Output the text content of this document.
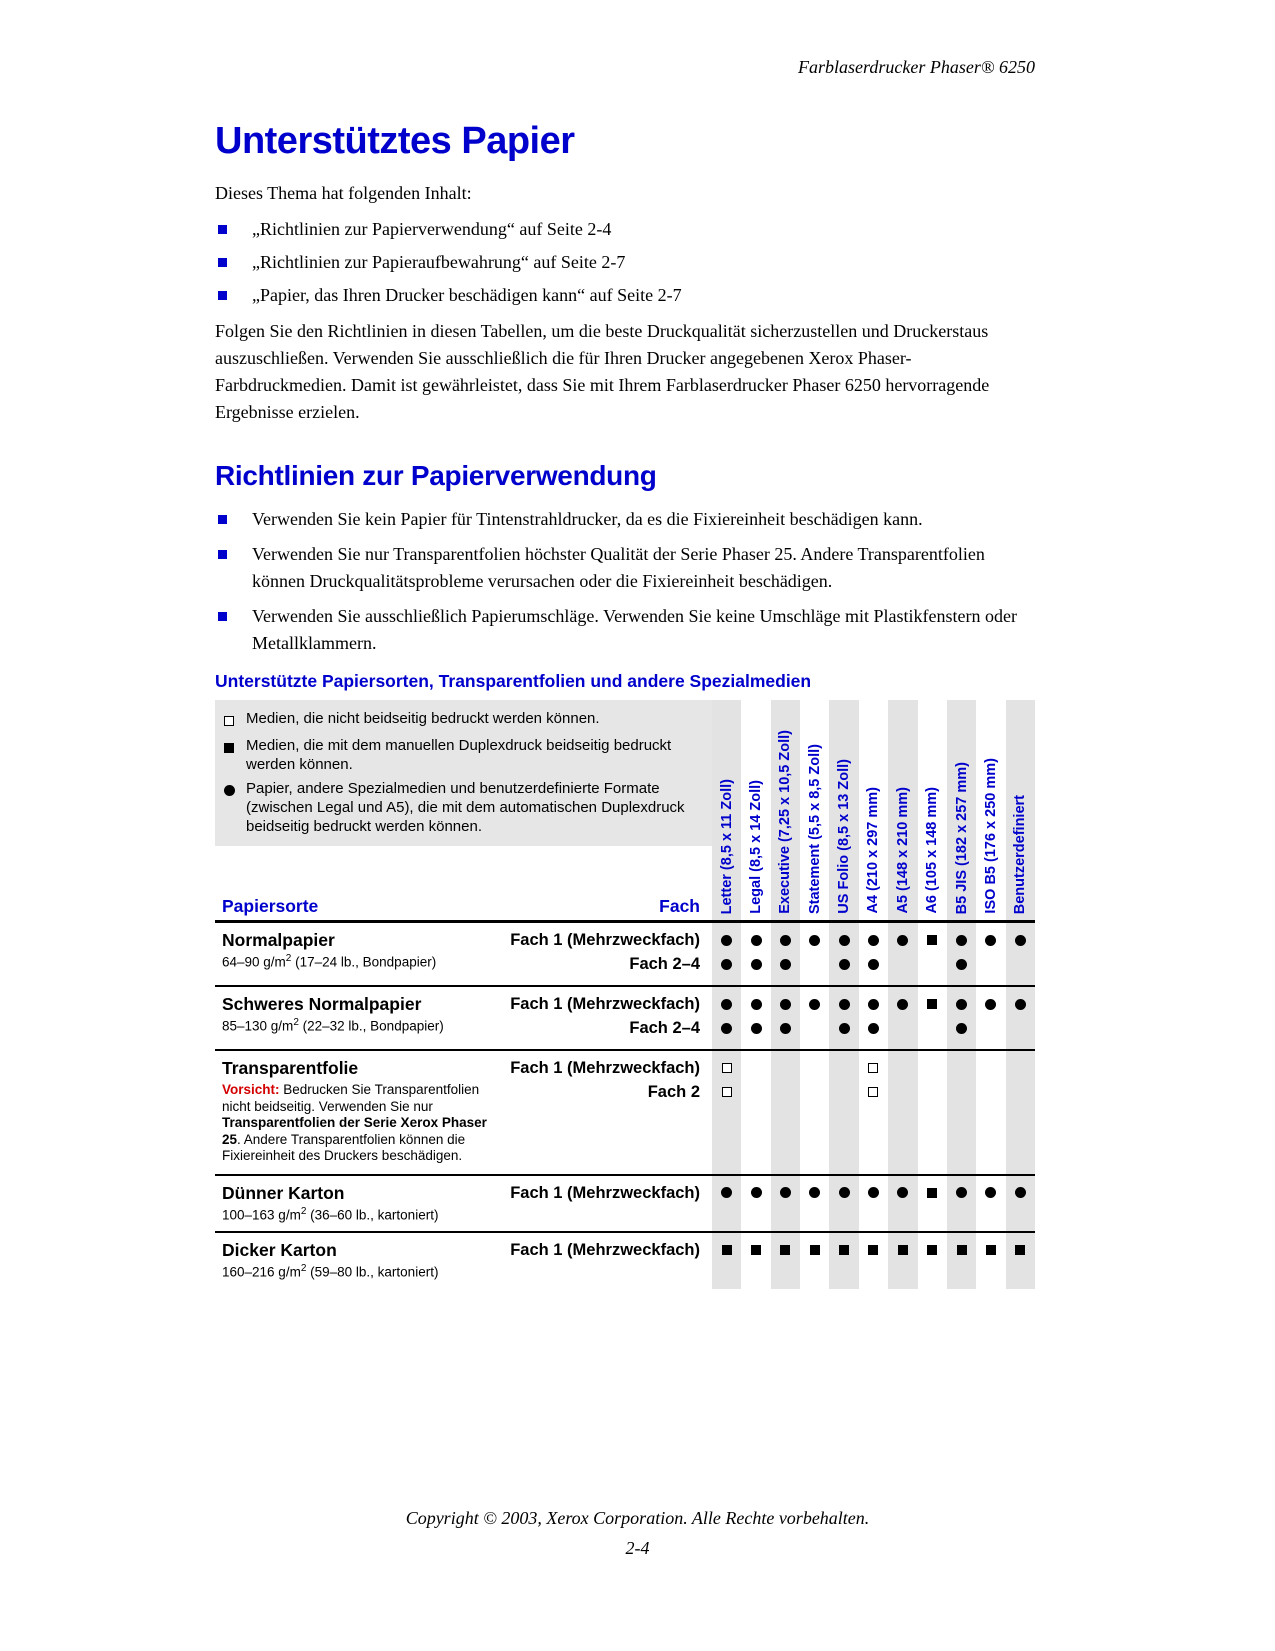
Farblaserdrucker Phaser® 6250
Unterstütztes Papier

Dieses Thema hat folgenden Inhalt:

„Richtlinien zur Papierverwendung“ auf Seite 2-4
„Richtlinien zur Papieraufbewahrung“ auf Seite 2-7
„Papier, das Ihren Drucker beschädigen kann“ auf Seite 2-7

Folgen Sie den Richtlinien in diesen Tabellen, um die beste Druckqualität sicherzustellen und Druckerstaus auszuschließen. Verwenden Sie ausschließlich die für Ihren Drucker angegebenen Xerox Phaser-Farbdruckmedien. Damit ist gewährleistet, dass Sie mit Ihrem Farblaserdrucker Phaser 6250 hervorragende Ergebnisse erzielen.

Richtlinien zur Papierverwendung
Verwenden Sie kein Papier für Tintenstrahldrucker, da es die Fixiereinheit beschädigen kann.
Verwenden Sie nur Transparentfolien höchster Qualität der Serie Phaser 25. Andere Transparentfolien können Druckqualitätsprobleme verursachen oder die Fixiereinheit beschädigen.
Verwenden Sie ausschließlich Papierumschläge. Verwenden Sie keine Umschläge mit Plastikfenstern oder Metallklammern.
Unterstützte Papiersorten, Transparentfolien und andere Spezialmedien
Medien, die nicht beidseitig bedruckt werden können.
Medien, die mit dem manuellen Duplexdruck beidseitig bedruckt werden können.
Papier, andere Spezialmedien und benutzerdefinierte Formate (zwischen Legal und A5), die mit dem automatischen Duplexdruck beidseitig bedruckt werden können.
Papiersorte	Fach Letter (8,5 x 11 Zoll) Legal (8,5 x 14 Zoll) Executive (7,25 x 10,5 Zoll) Statement (5,5 x 8,5 Zoll) US Folio (8,5 x 13 Zoll) A4 (210 x 297 mm) A5 (148 x 210 mm) A6 (105 x 148 mm) B5 JIS (182 x 257 mm) ISO B5 (176 x 250 mm) Benutzerdefiniert
Normalpapier
64–90 $g/m^2$ (17–24 lb., Bondpapier)
Fach 1 (Mehrzweckfach)
Fach 2–4
Schweres Normalpapier
85–130 $g/m^2$ (22–32 lb., Bondpapier)
Fach 1 (Mehrzweckfach)
Fach 2–4
Transparentfolie
Vorsicht: Bedrucken Sie Transparentfolien nicht beidseitig. Verwenden Sie nur Transparentfolien der Serie Xerox Phaser 25. Andere Transparentfolien können die Fixiereinheit des Druckers beschädigen.
Fach 1 (Mehrzweckfach)
Fach 2
Dünner Karton
100–163 $g/m^2$ (36–60 lb., kartoniert)
Fach 1 (Mehrzweckfach)
Dicker Karton
160–216 $g/m^2$ (59–80 lb., kartoniert)
Fach 1 (Mehrzweckfach)
Copyright © 2003, Xerox Corporation. Alle Rechte vorbehalten.
2-4
